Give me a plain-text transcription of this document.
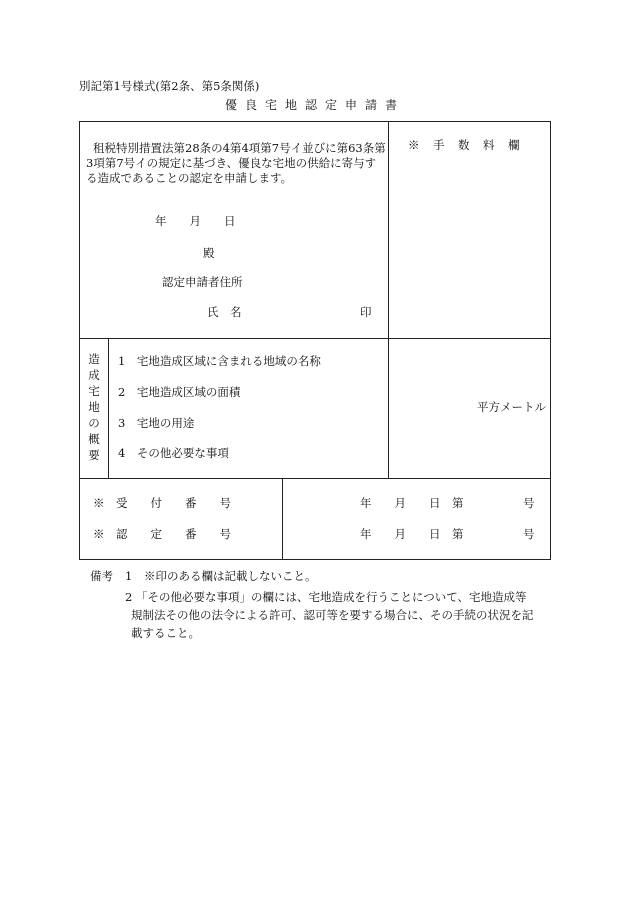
別記第1号様式(第2条、第5条関係)
優良宅地認定申請書
租税特別措置法第28条の4第4項第7号イ並びに第63条第
3項第7号イの規定に基づき、優良な宅地の供給に寄与す
る造成であることの認定を申請します。
年　　月　　日
殿
認定申請者住所
氏　名	印
※　手　数　料　欄
造
成
宅
地
の
概
要
1　宅地造成区域に含まれる地域の名称
2　宅地造成区域の面積
3　宅地の用途
4　その他必要な事項
平方メートル
※　受　　付　　番　　号	年　　月　　日　第	号
※　認　　定　　番　　号	年　　月　　日　第	号
備考 1 ※印のある欄は記載しないこと。
2 「その他必要な事項」の欄には、宅地造成を行うことについて、宅地造成等
規制法その他の法令による許可、認可等を要する場合に、その手続の状況を記
載すること。
